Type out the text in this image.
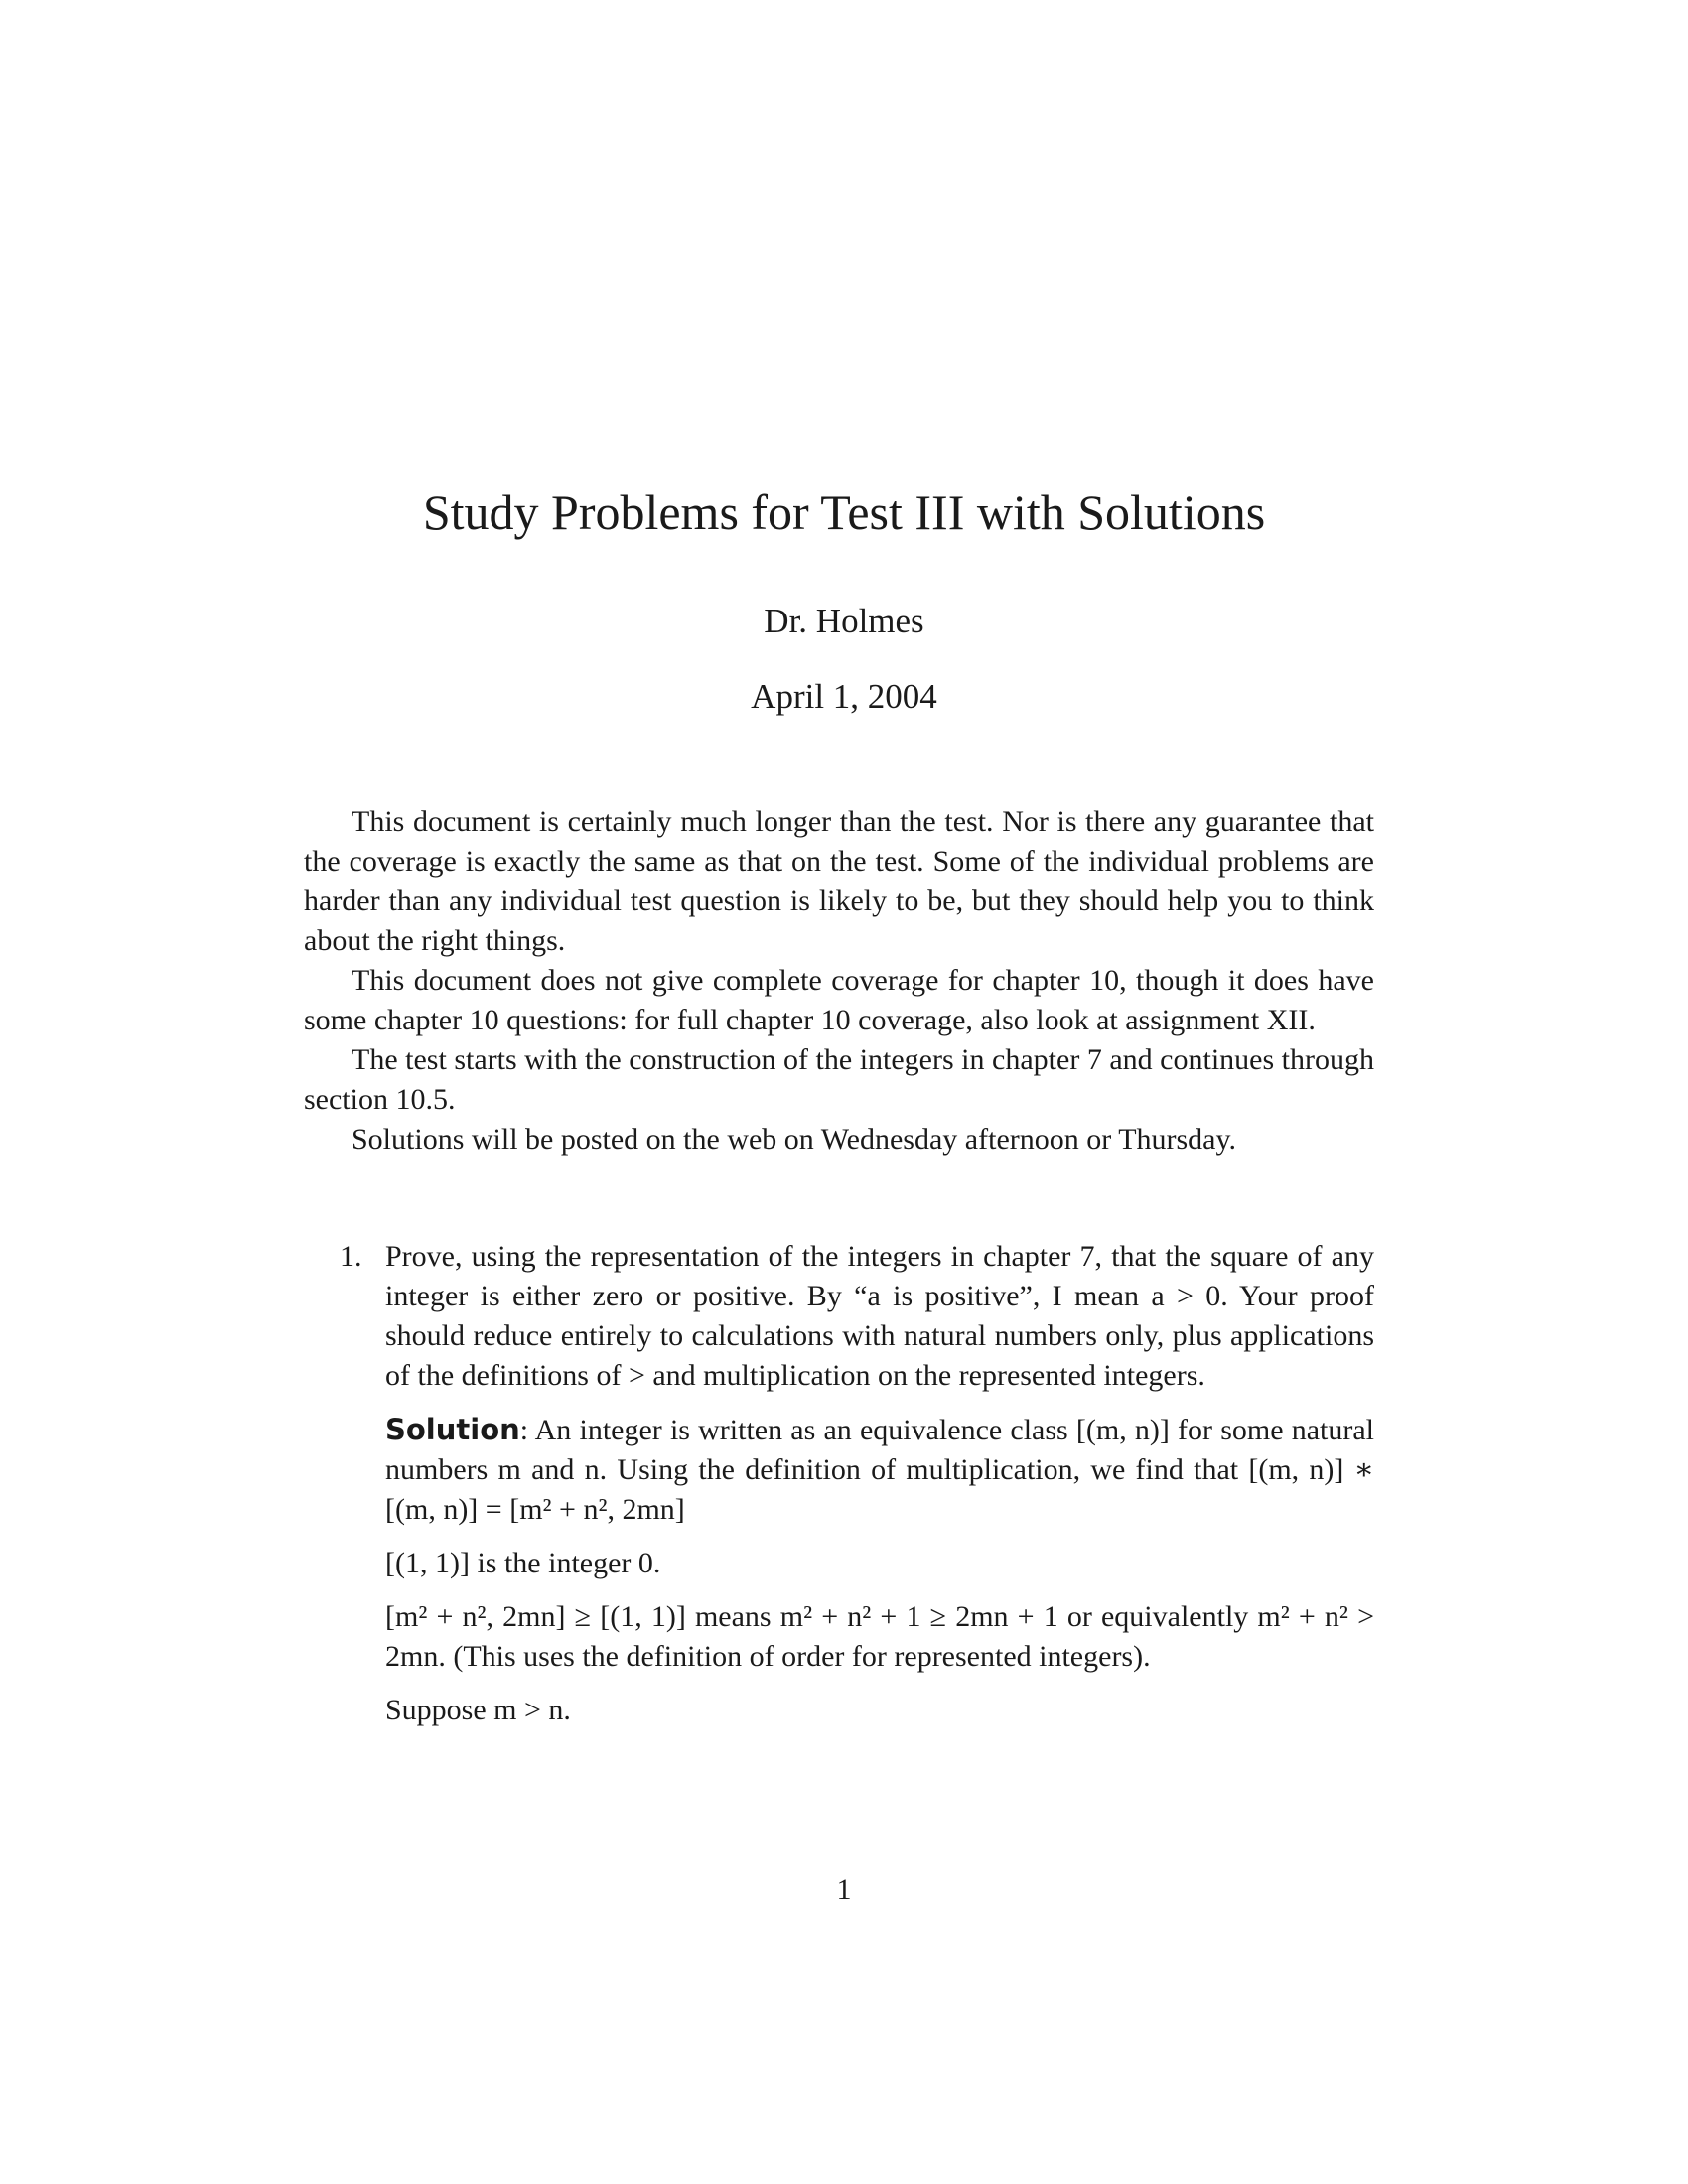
Study Problems for Test III with Solutions
Dr. Holmes
April 1, 2004

This document is certainly much longer than the test. Nor is there any guarantee that the coverage is exactly the same as that on the test. Some of the individual problems are harder than any individual test question is likely to be, but they should help you to think about the right things.

This document does not give complete coverage for chapter 10, though it does have some chapter 10 questions: for full chapter 10 coverage, also look at assignment XII.

The test starts with the construction of the integers in chapter 7 and continues through section 10.5.

Solutions will be posted on the web on Wednesday afternoon or Thursday.

1. Prove, using the representation of the integers in chapter 7, that the square of any integer is either zero or positive. By “a is positive”, I mean a > 0. Your proof should reduce entirely to calculations with natural numbers only, plus applications of the definitions of > and multiplication on the represented integers.

Solution: An integer is written as an equivalence class [(m, n)] for some natural numbers m and n. Using the definition of multiplication, we find that [(m, n)] ∗ [(m, n)] = [m² + n², 2mn]

[(1, 1)] is the integer 0.

[m² + n², 2mn] ≥ [(1, 1)] means m² + n² + 1 ≥ 2mn + 1 or equivalently m² + n² > 2mn. (This uses the definition of order for represented integers).

Suppose m > n.

1
